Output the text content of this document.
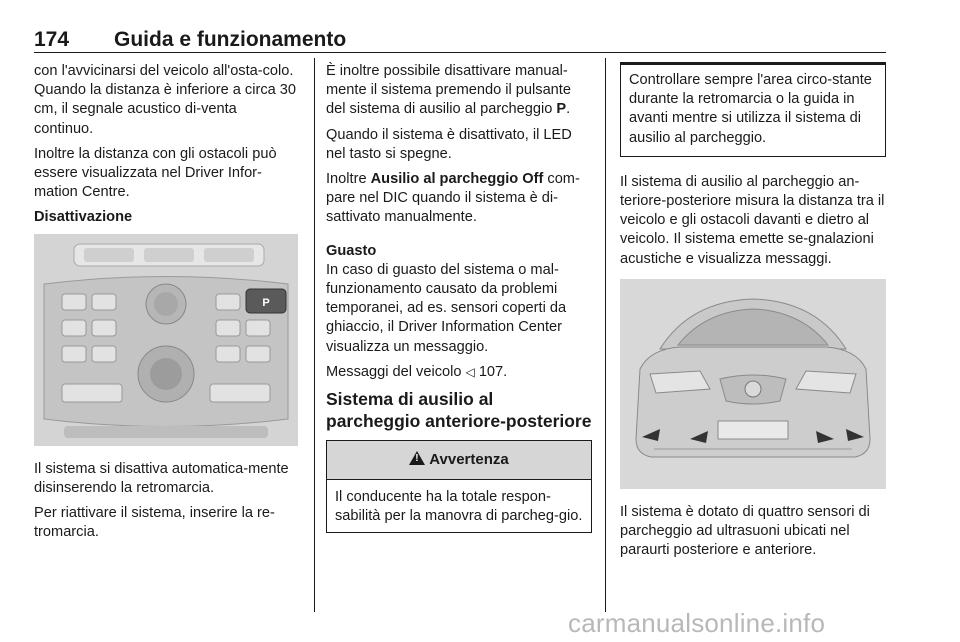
174 Guida e funzionamento

con l'avvicinarsi del veicolo all'osta-colo. Quando la distanza è inferiore a circa 30 cm, il segnale acustico di-venta continuo.

Inoltre la distanza con gli ostacoli può essere visualizzata nel Driver Infor-mation Centre.

Disattivazione

P

Il sistema si disattiva automatica-mente disinserendo la retromarcia.

Per riattivare il sistema, inserire la re-tromarcia.

È inoltre possibile disattivare manual-mente il sistema premendo il pulsante del sistema di ausilio al parcheggio P.

Quando il sistema è disattivato, il LED nel tasto si spegne.

Inoltre Ausilio al parcheggio Off com-pare nel DIC quando il sistema è di-sattivato manualmente.

Guasto

In caso di guasto del sistema o mal-funzionamento causato da problemi temporanei, ad es. sensori coperti da ghiaccio, il Driver Information Center visualizza un messaggio.

Messaggi del veicolo ◁ 107.

Sistema di ausilio al parcheggio anteriore-posteriore

! Avvertenza
Il conducente ha la totale respon-sabilità per la manovra di parcheg-gio.
Controllare sempre l'area circo-stante durante la retromarcia o la guida in avanti mentre si utilizza il sistema di ausilio al parcheggio.

Il sistema di ausilio al parcheggio an-teriore-posteriore misura la distanza tra il veicolo e gli ostacoli davanti e dietro al veicolo. Il sistema emette se-gnalazioni acustiche e visualizza messaggi.

Il sistema è dotato di quattro sensori di parcheggio ad ultrasuoni ubicati nel paraurti posteriore e anteriore.

carmanualsonline.info
